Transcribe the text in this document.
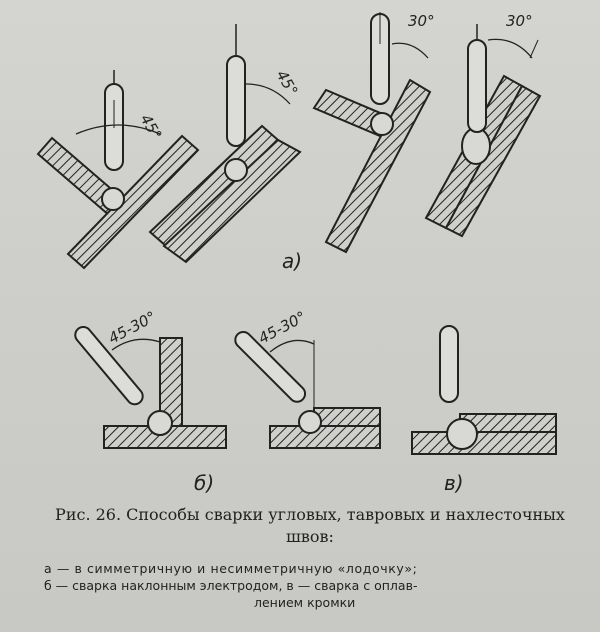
45°
45°
30°	30°
а)
45-30°	45-30°
б)	в)
Рис. 26. Способы сварки угловых, тавровых и нахлесточных швов:
а — в симметричную и несимметричную «лодочку»;
б — сварка наклонным электродом, в — сварка с оплав-
лением кромки
